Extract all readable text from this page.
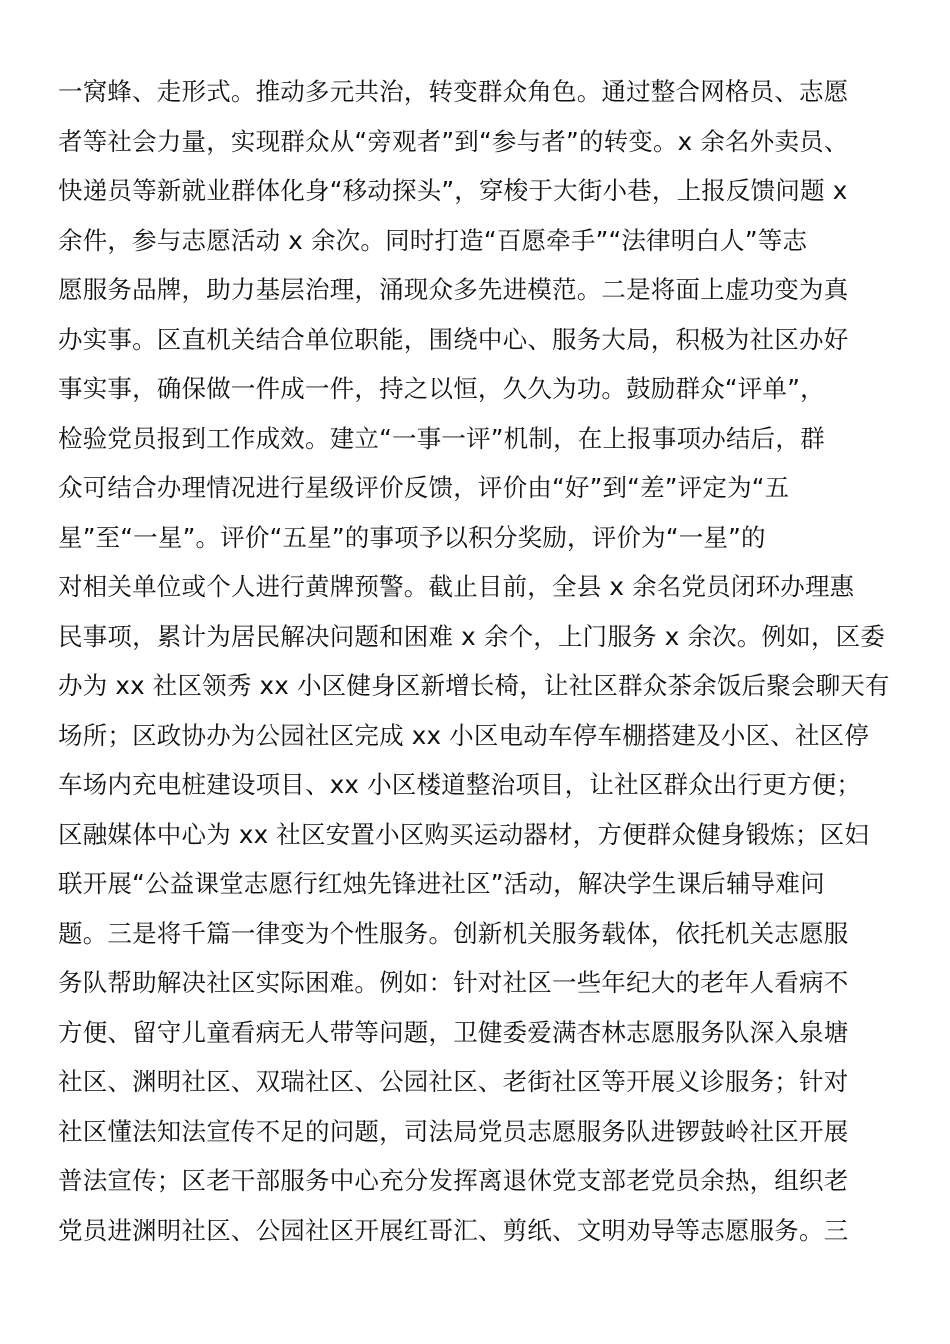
一窝蜂、走形式。推动多元共治，转变群众角色。通过整合网格员、志愿
者等社会力量，实现群众从“旁观者”到“参与者”的转变。x 余名外卖员、
快递员等新就业群体化身“移动探头”，穿梭于大街小巷，上报反馈问题 x
余件，参与志愿活动 x 余次。同时打造“百愿牵手”“法律明白人”等志
愿服务品牌，助力基层治理，涌现众多先进模范。二是将面上虚功变为真
办实事。区直机关结合单位职能，围绕中心、服务大局，积极为社区办好
事实事，确保做一件成一件，持之以恒，久久为功。鼓励群众“评单”，
检验党员报到工作成效。建立“一事一评”机制，在上报事项办结后，群
众可结合办理情况进行星级评价反馈，评价由“好”到“差”评定为“五
星”至“一星”。评价“五星”的事项予以积分奖励，评价为“一星”的
对相关单位或个人进行黄牌预警。截止目前，全县 x 余名党员闭环办理惠
民事项，累计为居民解决问题和困难 x 余个，上门服务 x 余次。例如，区委
办为 xx 社区领秀 xx 小区健身区新增长椅，让社区群众茶余饭后聚会聊天有
场所；区政协办为公园社区完成 xx 小区电动车停车棚搭建及小区、社区停
车场内充电桩建设项目、xx 小区楼道整治项目，让社区群众出行更方便；
区融媒体中心为 xx 社区安置小区购买运动器材，方便群众健身锻炼；区妇
联开展“公益课堂志愿行红烛先锋进社区”活动，解决学生课后辅导难问
题。三是将千篇一律变为个性服务。创新机关服务载体，依托机关志愿服
务队帮助解决社区实际困难。例如：针对社区一些年纪大的老年人看病不
方便、留守儿童看病无人带等问题，卫健委爱满杏林志愿服务队深入泉塘
社区、渊明社区、双瑞社区、公园社区、老街社区等开展义诊服务；针对
社区懂法知法宣传不足的问题，司法局党员志愿服务队进锣鼓岭社区开展
普法宣传；区老干部服务中心充分发挥离退休党支部老党员余热，组织老
党员进渊明社区、公园社区开展红哥汇、剪纸、文明劝导等志愿服务。三
